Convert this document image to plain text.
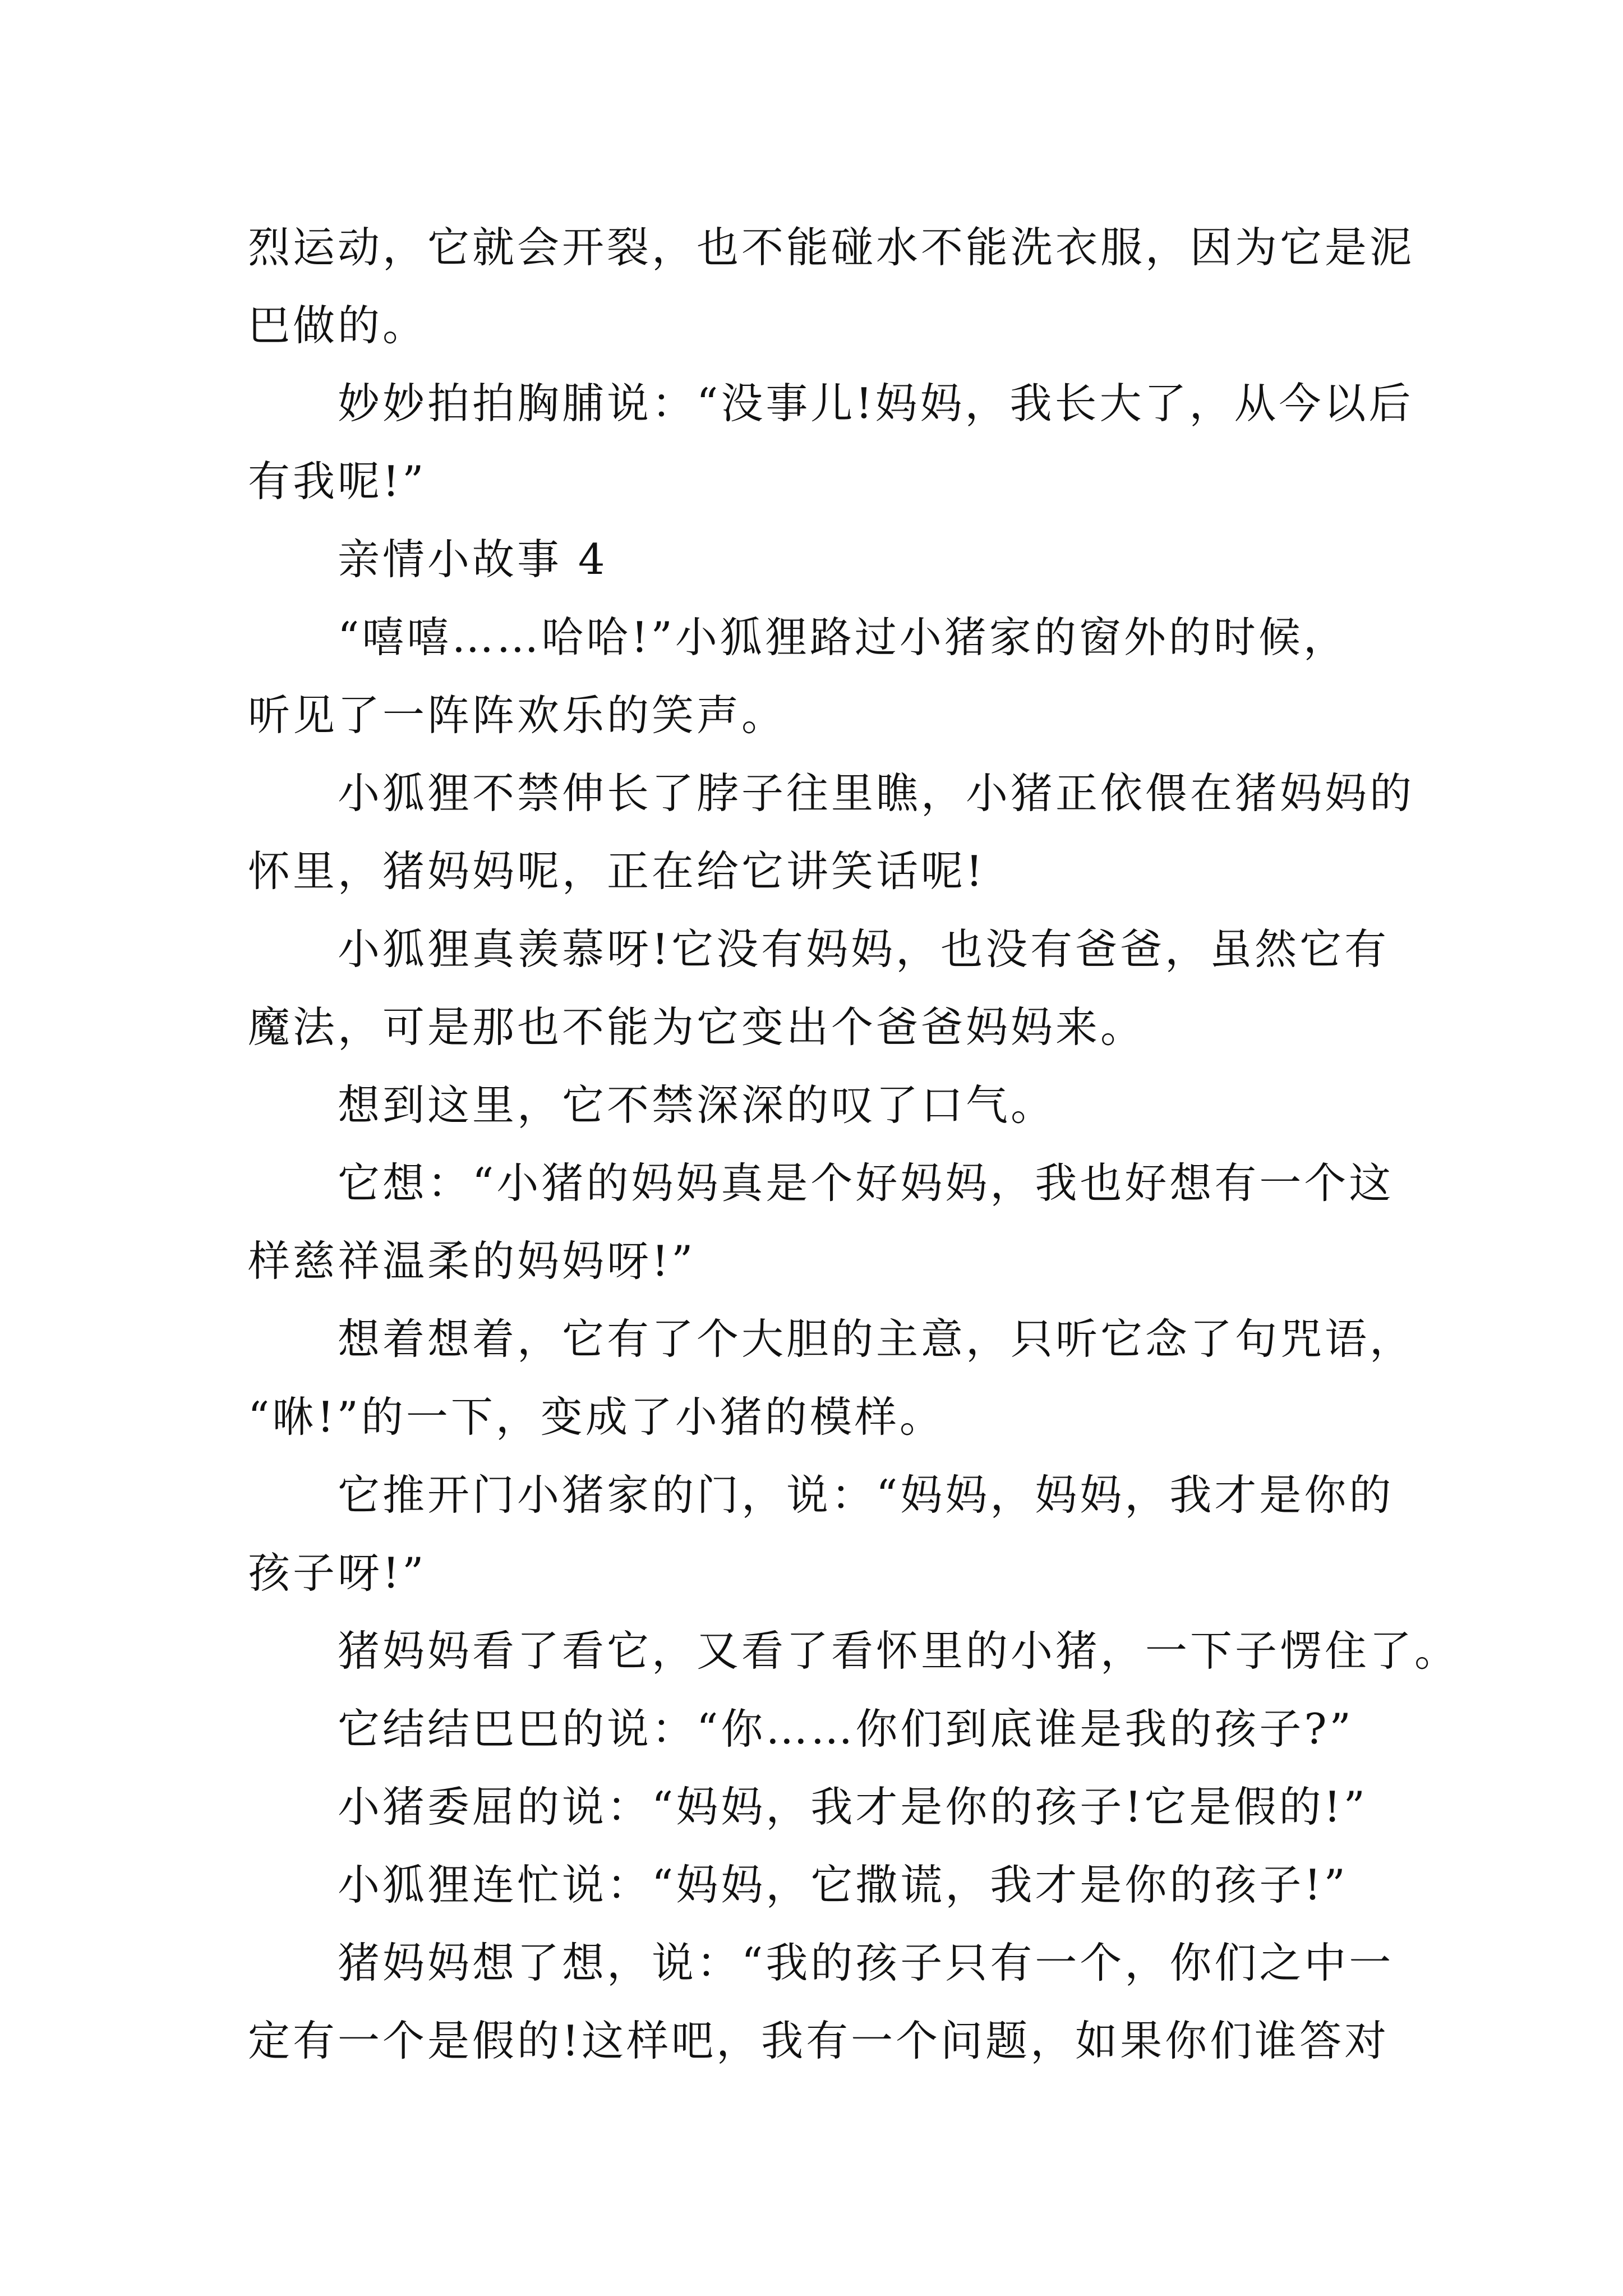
烈运动，它就会开裂，也不能碰水不能洗衣服，因为它是泥

巴做的。

妙妙拍拍胸脯说：“没事儿!妈妈，我长大了，从今以后

有我呢!”

亲情小故事 4

“嘻嘻……哈哈!”小狐狸路过小猪家的窗外的时候，

听见了一阵阵欢乐的笑声。

小狐狸不禁伸长了脖子往里瞧，小猪正依偎在猪妈妈的

怀里，猪妈妈呢，正在给它讲笑话呢!

小狐狸真羡慕呀!它没有妈妈，也没有爸爸，虽然它有

魔法，可是那也不能为它变出个爸爸妈妈来。

想到这里，它不禁深深的叹了口气。

它想：“小猪的妈妈真是个好妈妈，我也好想有一个这

样慈祥温柔的妈妈呀!”

想着想着，它有了个大胆的主意，只听它念了句咒语，

“咻!”的一下，变成了小猪的模样。

它推开门小猪家的门，说：“妈妈，妈妈，我才是你的

孩子呀!”

猪妈妈看了看它，又看了看怀里的小猪，一下子愣住了。

它结结巴巴的说：“你……你们到底谁是我的孩子?”

小猪委屈的说：“妈妈，我才是你的孩子!它是假的!”

小狐狸连忙说：“妈妈，它撒谎，我才是你的孩子!”

猪妈妈想了想，说：“我的孩子只有一个，你们之中一

定有一个是假的!这样吧，我有一个问题，如果你们谁答对
